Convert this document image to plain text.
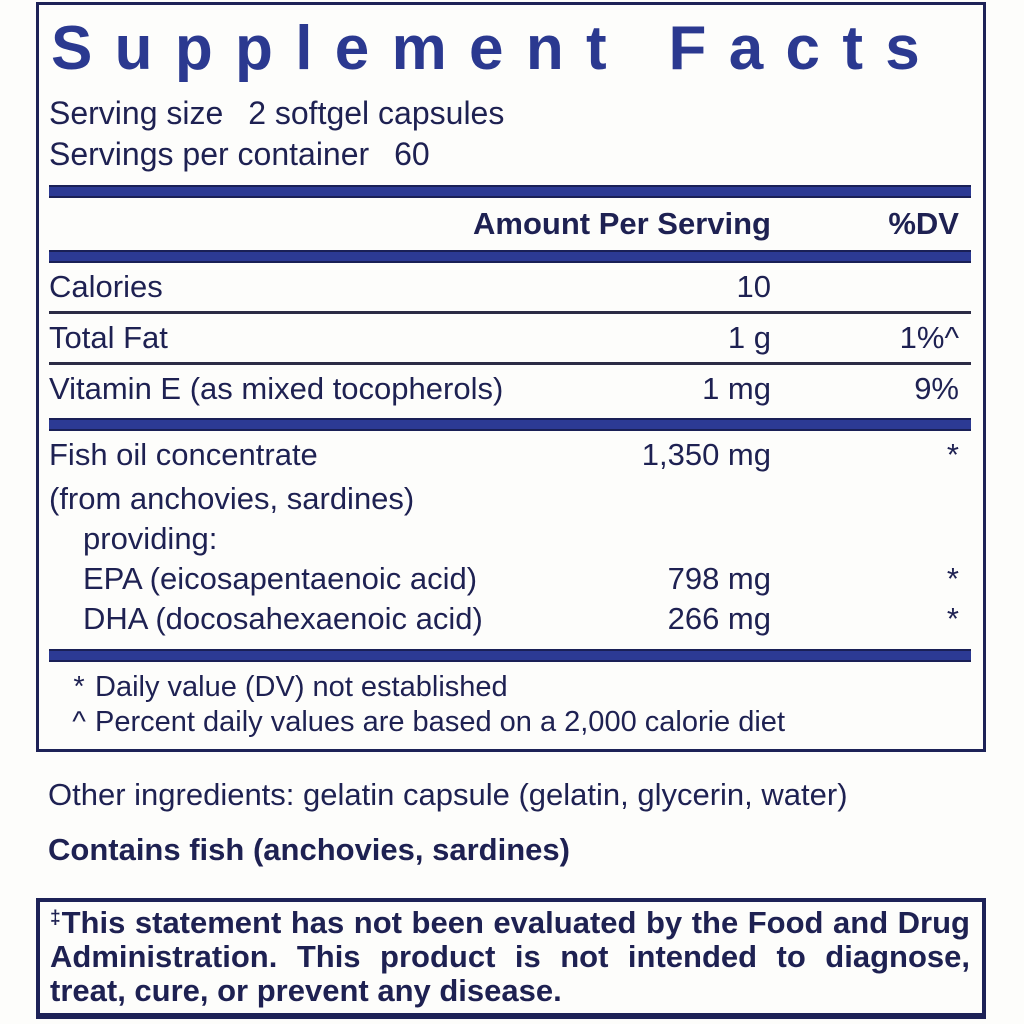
Supplement Facts
Serving size 2 softgel capsules
Servings per container 60
Amount Per Serving	%DV
Calories	10
Total Fat	1 g	1%^
Vitamin E (as mixed tocopherols)	1 mg	9%
Fish oil concentrate	1,350 mg	*
(from anchovies, sardines)
providing:
EPA (eicosapentaenoic acid)	798 mg	*
DHA (docosahexaenoic acid)	266 mg	*
* Daily value (DV) not established
^ Percent daily values are based on a 2,000 calorie diet
Other ingredients: gelatin capsule (gelatin, glycerin, water)
Contains fish (anchovies, sardines)
‡This statement has not been evaluated by the Food and Drug Administration. This product is not intended to diagnose, treat, cure, or prevent any disease.
